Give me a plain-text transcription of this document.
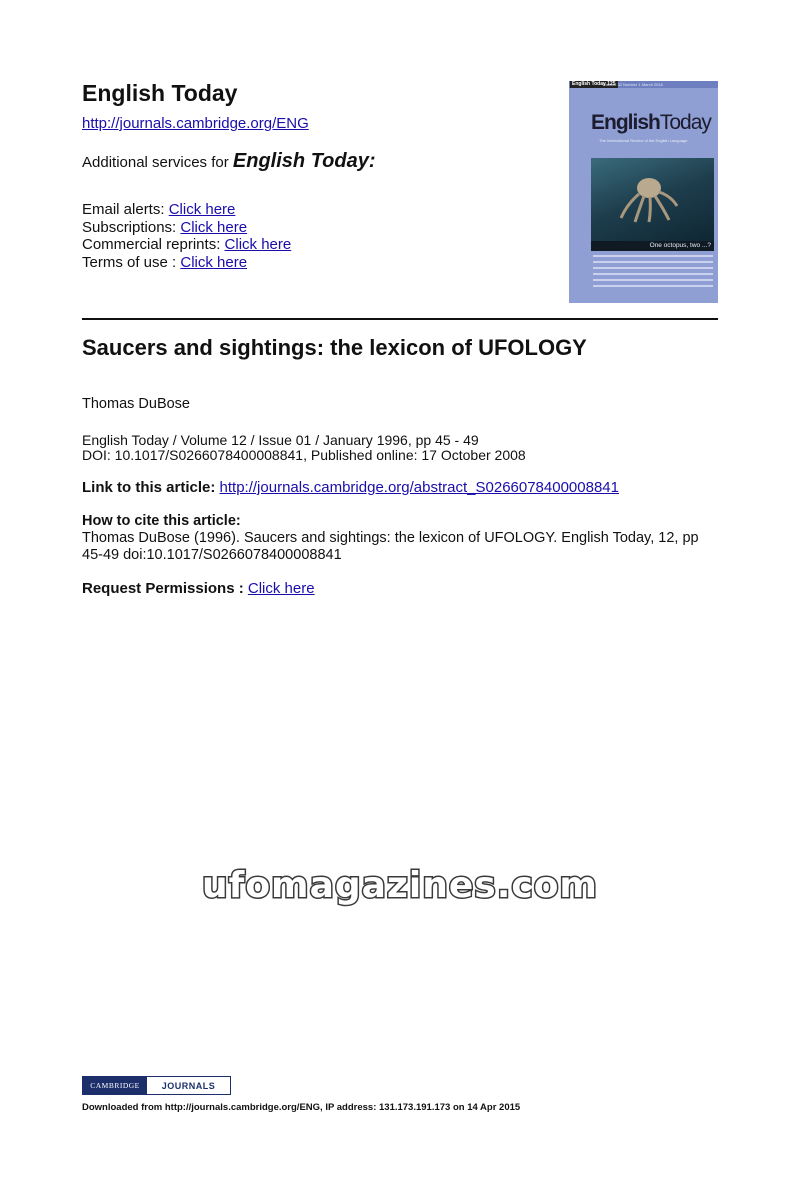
English Today
http://journals.cambridge.org/ENG
Additional services for English Today:
Email alerts: Click here
Subscriptions: Click here
Commercial reprints: Click here
Terms of use : Click here
English Today 125
Volume 32 Number 1 March 2016
EnglishToday
The International Review of the English Language
One octopus, two ...?
Saucers and sightings: the lexicon of UFOLOGY
Thomas DuBose
English Today / Volume 12 / Issue 01 / January 1996, pp 45 - 49
DOI: 10.1017/S0266078400008841, Published online: 17 October 2008
Link to this article: http://journals.cambridge.org/abstract_S0266078400008841
How to cite this article:
Thomas DuBose (1996). Saucers and sightings: the lexicon of UFOLOGY. English Today, 12, pp 45-49 doi:10.1017/S0266078400008841
Request Permissions : Click here
ufomagazines.com
CAMBRIDGE	JOURNALS
Downloaded from http://journals.cambridge.org/ENG, IP address: 131.173.191.173 on 14 Apr 2015
